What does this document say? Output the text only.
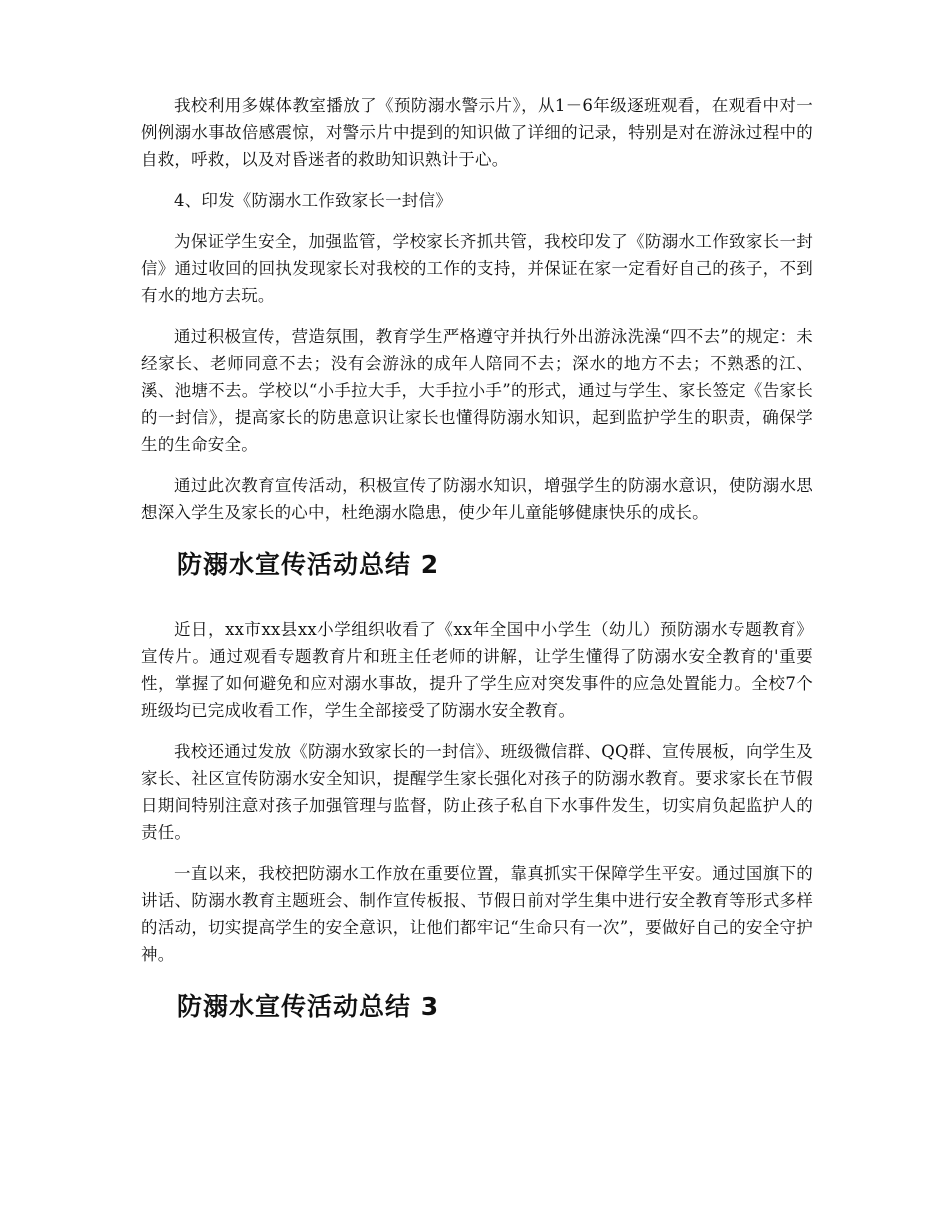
我校利用多媒体教室播放了《预防溺水警示片》，从1－6年级逐班观看，在观看中对一例例溺水事故倍感震惊，对警示片中提到的知识做了详细的记录，特别是对在游泳过程中的自救，呼救，以及对昏迷者的救助知识熟计于心。

4、印发《防溺水工作致家长一封信》

为保证学生安全，加强监管，学校家长齐抓共管，我校印发了《防溺水工作致家长一封信》通过收回的回执发现家长对我校的工作的支持，并保证在家一定看好自己的孩子，不到有水的地方去玩。

通过积极宣传，营造氛围，教育学生严格遵守并执行外出游泳洗澡“四不去”的规定：未经家长、老师同意不去；没有会游泳的成年人陪同不去；深水的地方不去；不熟悉的江、溪、池塘不去。学校以“小手拉大手，大手拉小手”的形式，通过与学生、家长签定《告家长的一封信》，提高家长的防患意识让家长也懂得防溺水知识，起到监护学生的职责，确保学生的生命安全。

通过此次教育宣传活动，积极宣传了防溺水知识，增强学生的防溺水意识，使防溺水思想深入学生及家长的心中，杜绝溺水隐患，使少年儿童能够健康快乐的成长。

防溺水宣传活动总结 2

近日，xx市xx县xx小学组织收看了《xx年全国中小学生（幼儿）预防溺水专题教育》宣传片。通过观看专题教育片和班主任老师的讲解，让学生懂得了防溺水安全教育的'重要性，掌握了如何避免和应对溺水事故，提升了学生应对突发事件的应急处置能力。全校7个班级均已完成收看工作，学生全部接受了防溺水安全教育。

我校还通过发放《防溺水致家长的一封信》、班级微信群、QQ群、宣传展板，向学生及家长、社区宣传防溺水安全知识，提醒学生家长强化对孩子的防溺水教育。要求家长在节假日期间特别注意对孩子加强管理与监督，防止孩子私自下水事件发生，切实肩负起监护人的责任。

一直以来，我校把防溺水工作放在重要位置，靠真抓实干保障学生平安。通过国旗下的讲话、防溺水教育主题班会、制作宣传板报、节假日前对学生集中进行安全教育等形式多样的活动，切实提高学生的安全意识，让他们都牢记“生命只有一次”，要做好自己的安全守护神。

防溺水宣传活动总结 3
